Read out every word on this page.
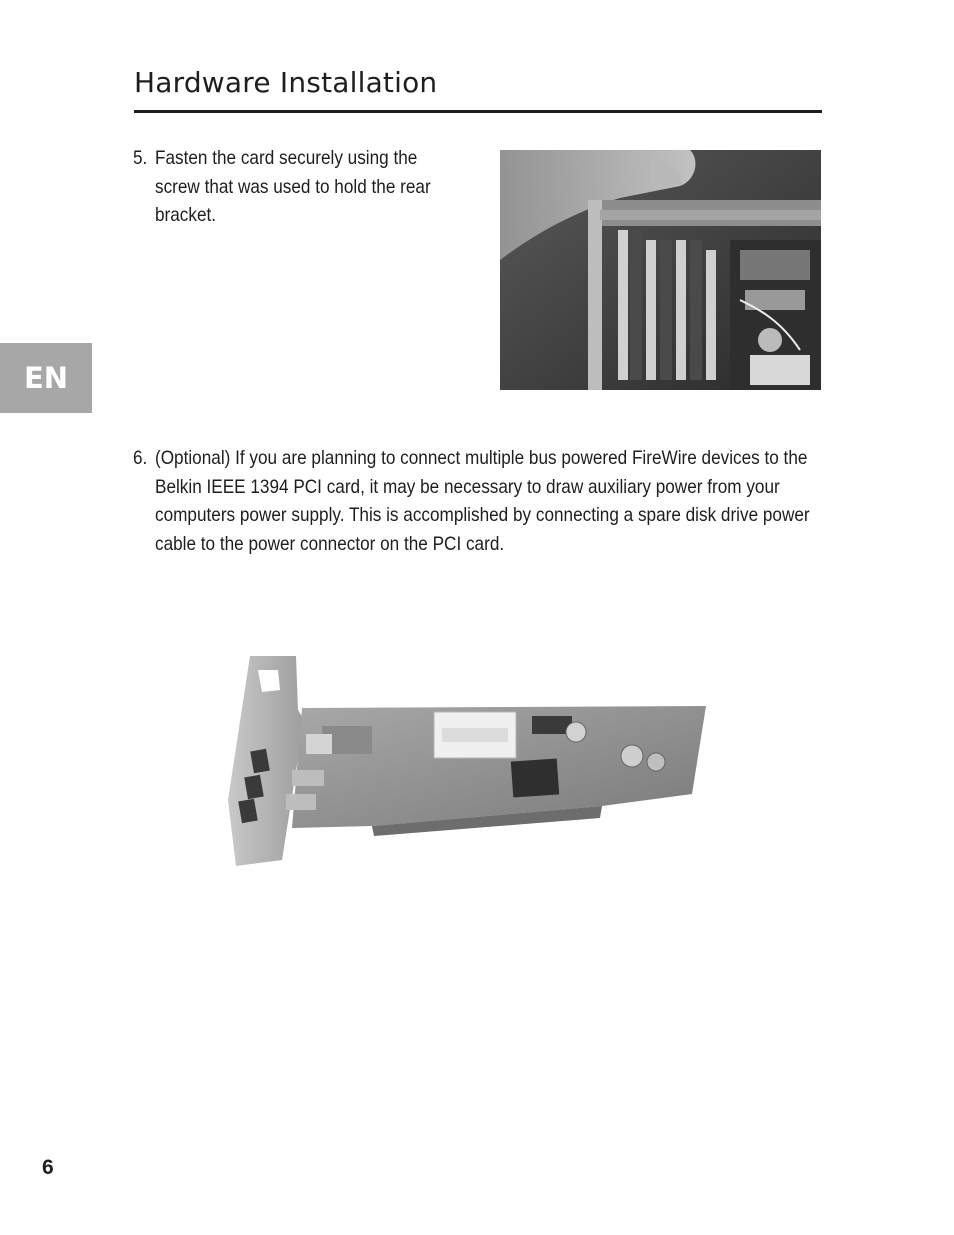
Hardware Installation
EN
5. Fasten the card securely using the screw that was used to hold the rear bracket.
6. (Optional) If you are planning to connect multiple bus powered FireWire devices to the Belkin IEEE 1394 PCI card, it may be necessary to draw auxiliary power from your computers power supply. This is accomplished by connecting a spare disk drive power cable to the power connector on the PCI card.
6
